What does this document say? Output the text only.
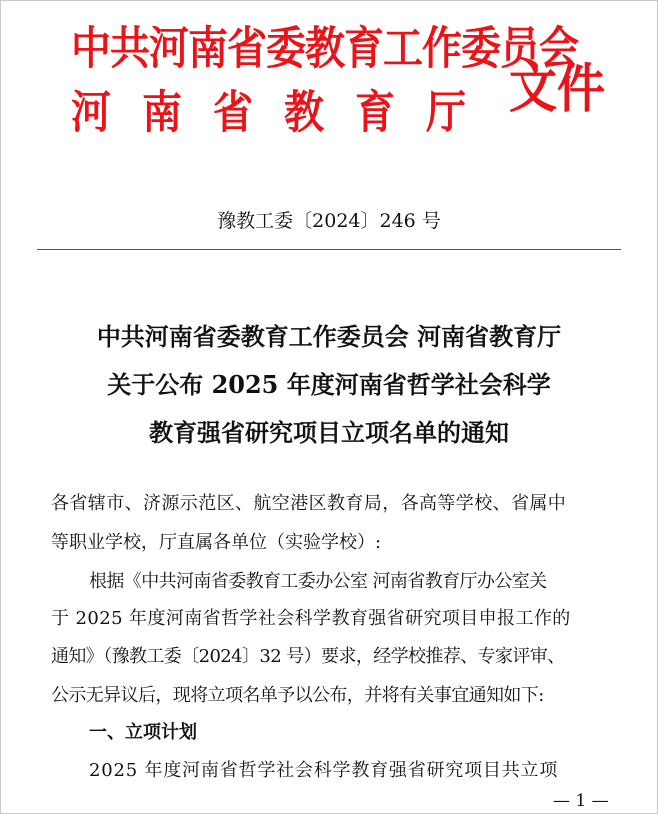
中共河南省委教育工作委员会
河南省教育厅 文件
豫教工委〔2024〕246 号
中共河南省委教育工作委员会 河南省教育厅
关于公布 2025 年度河南省哲学社会科学
教育强省研究项目立项名单的通知
各省辖市、济源示范区、航空港区教育局，各高等学校、省属中
等职业学校，厅直属各单位（实验学校）:
根据《中共河南省委教育工委办公室 河南省教育厅办公室关
于 2025 年度河南省哲学社会科学教育强省研究项目申报工作的
通知》（豫教工委〔2024〕32 号）要求，经学校推荐、专家评审、
公示无异议后，现将立项名单予以公布，并将有关事宜通知如下:
一、立项计划
2025 年度河南省哲学社会科学教育强省研究项目共立项
— 1 —
